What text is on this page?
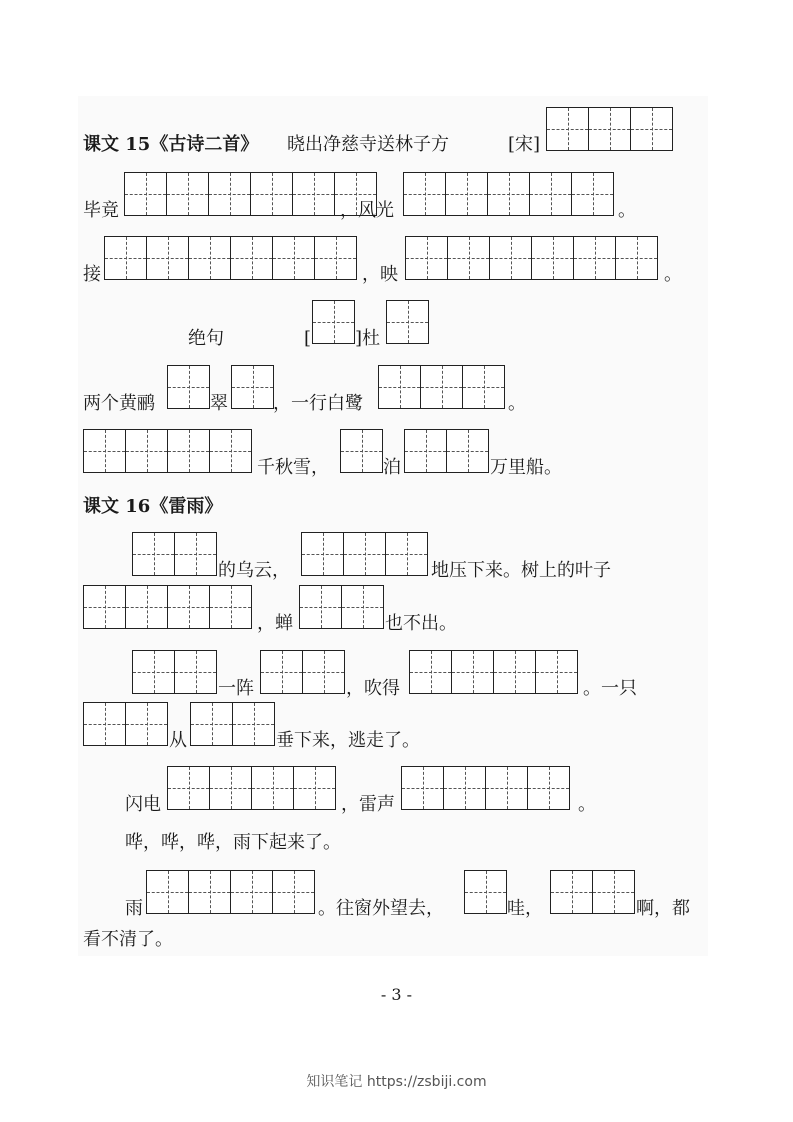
课文 15《古诗二首》 晓出净慈寺送林子方	[宋]
毕竟	，风光	。
接	，映	。
绝句	[ ]杜
两个黄鹂	翠	，一行白鹭	。
千秋雪，	泊	万里船。
课文 16《雷雨》
的乌云，	地压下来。树上的叶子
，蝉	也不出。
一阵	，吹得	。一只
从	垂下来，逃走了。
闪电	，雷声	。
哗，哗，哗，雨下起来了。
雨	。往窗外望去，	哇，	啊，都
看不清了。
- 3 -
知识笔记 https://zsbiji.com
